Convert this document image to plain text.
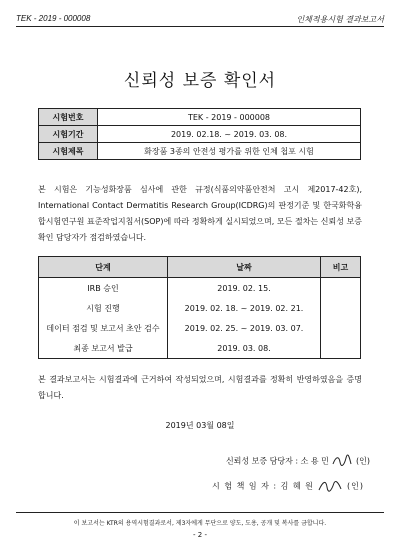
TEK - 2019 - 000008	인체적용시험 결과보고서
신뢰성 보증 확인서
시험번호	TEK - 2019 - 000008
시험기간	2019. 02.18. ~ 2019. 03. 08.
시험제목	화장품 3종의 안전성 평가를 위한 인체 첩포 시험
본 시험은 기능성화장품 심사에 관한 규정(식품의약품안전처 고시 제2017-42호), International Contact Dermatitis Research Group(ICDRG)의 판정기준 및 한국화학융합시험연구원 표준작업지침서(SOP)에 따라 정확하게 실시되었으며, 모든 절차는 신뢰성 보증 확인 담당자가 점검하였습니다.
단계	날짜	비고
IRB 승인	2019. 02. 15.	
시험 진행	2019. 02. 18. ~ 2019. 02. 21.	
데이터 점검 및 보고서 초안 검수	2019. 02. 25. ~ 2019. 03. 07.	
최종 보고서 발급	2019. 03. 08.	
본 결과보고서는 시험결과에 근거하여 작성되었으며, 시험결과를 정확히 반영하였음을 증명합니다.
2019년 03월 08일
신뢰성 보증 담당자 : 소 용 민	(인)
시 험 책 임 자 : 김 혜 원	(인)
이 보고서는 KTR의 용역시험결과로서, 제3자에게 무단으로 양도, 도용, 공개 및 복사를 금합니다.
- 2 -
